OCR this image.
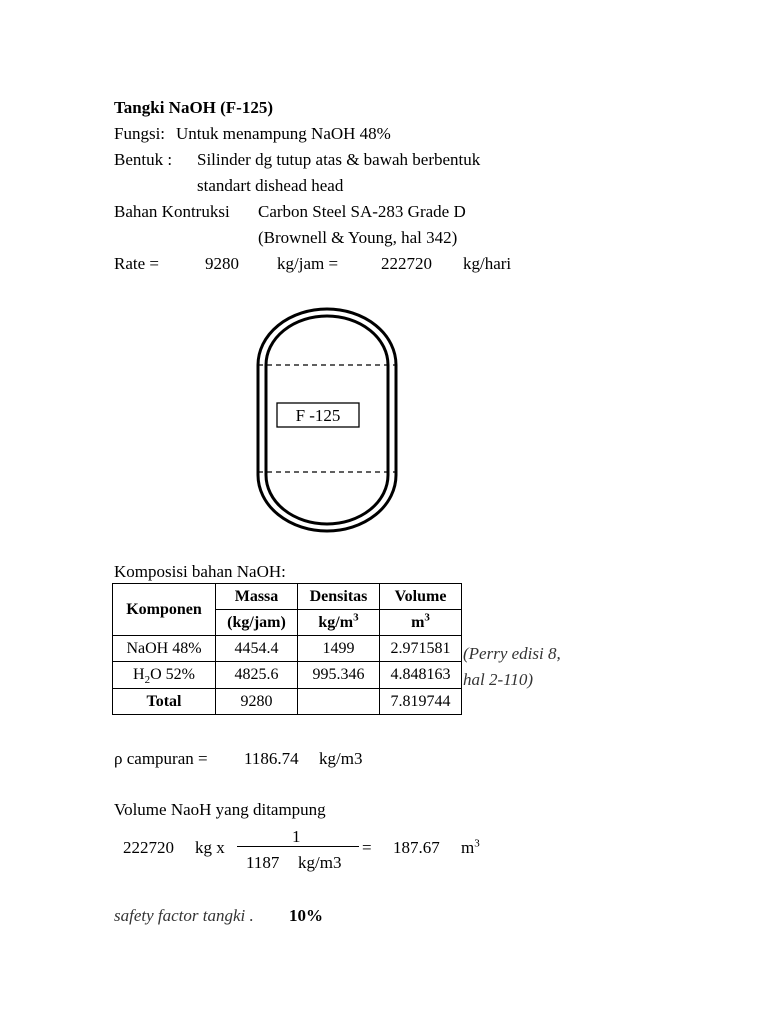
Tangki NaOH (F-125)
Fungsi: Untuk menampung NaOH 48%
Bentuk : Silinder dg tutup atas & bawah berbentuk
standart dishead head
Bahan Kontruksi Carbon Steel SA-283 Grade D
(Brownell & Young, hal 342)
Rate =	9280 kg/jam =	222720 kg/hari
F -125
Komposisi bahan NaOH:
Komponen	Massa	Densitas	Volume
	(kg/jam)	$kg/m^3$	$m^3$
NaOH 48%	4454.4	1499	2.971581
$H_2O$ 52%	4825.6	995.346	4.848163
Total	9280		7.819744
(Perry edisi 8,
hal 2-110)
ρ campuran = 1186.74 kg/m3
Volume NaoH yang ditampung
222720 kg x
1
1187 kg/m3
= 187.67 $m^3$
safety factor tangki . 10%
